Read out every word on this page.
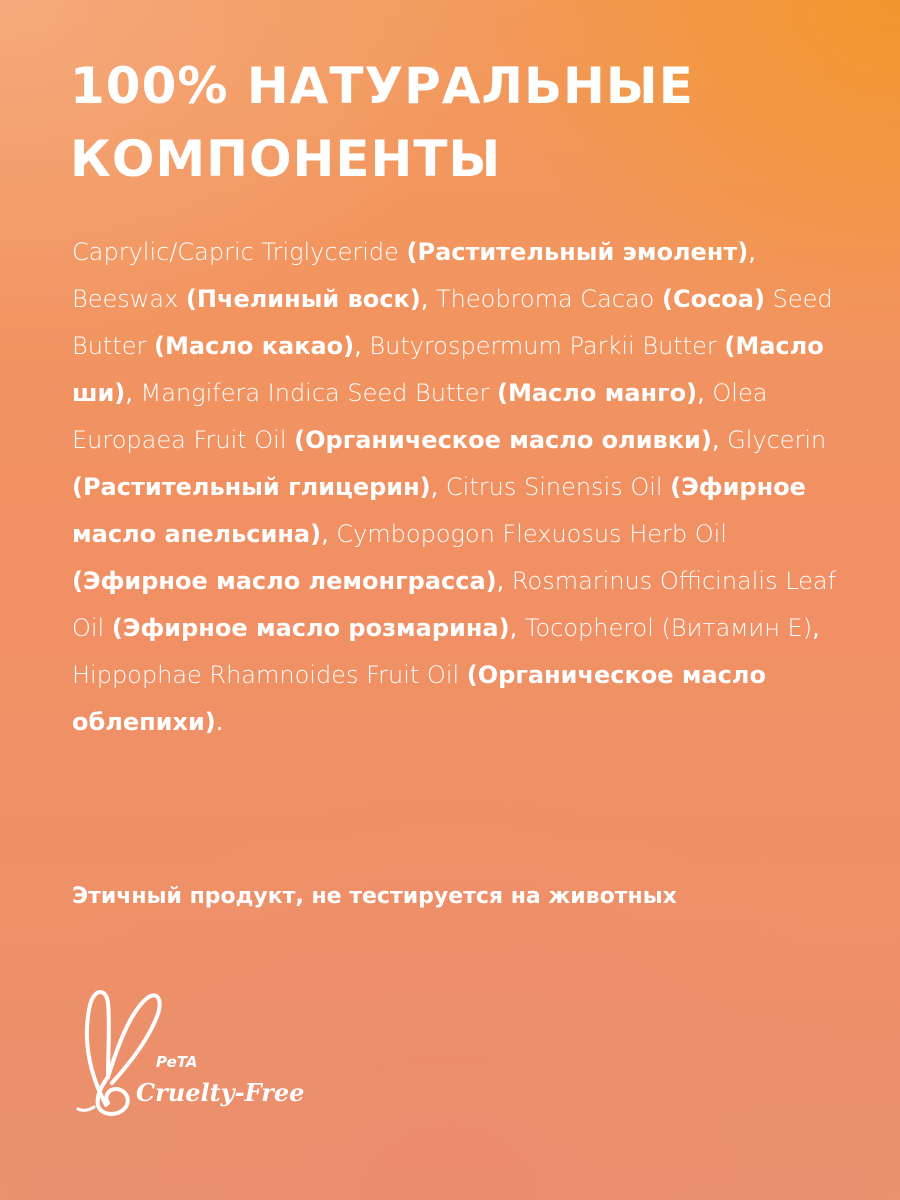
100% НАТУРАЛЬНЫЕ
КОМПОНЕНТЫ

Caprylic/Capric Triglyceride (Растительный эмолент), Beeswax (Пчелиный воск), Theobroma Cacao (Cocoa) Seed Butter (Масло какао), Butyrospermum Parkii Butter (Масло ши), Mangifera Indica Seed Butter (Масло манго), Olea Europaea Fruit Oil (Органическое масло оливки), Glycerin (Растительный глицерин), Citrus Sinensis Oil (Эфирное масло апельсина), Cymbopogon Flexuosus Herb Oil (Эфирное масло лемонграсса), Rosmarinus Officinalis Leaf Oil (Эфирное масло розмарина), Tocopherol (Витамин E), Hippophae Rhamnoides Fruit Oil (Органическое масло облепихи).

Этичный продукт, не тестируется на животных

PeTA
Cruelty-Free
